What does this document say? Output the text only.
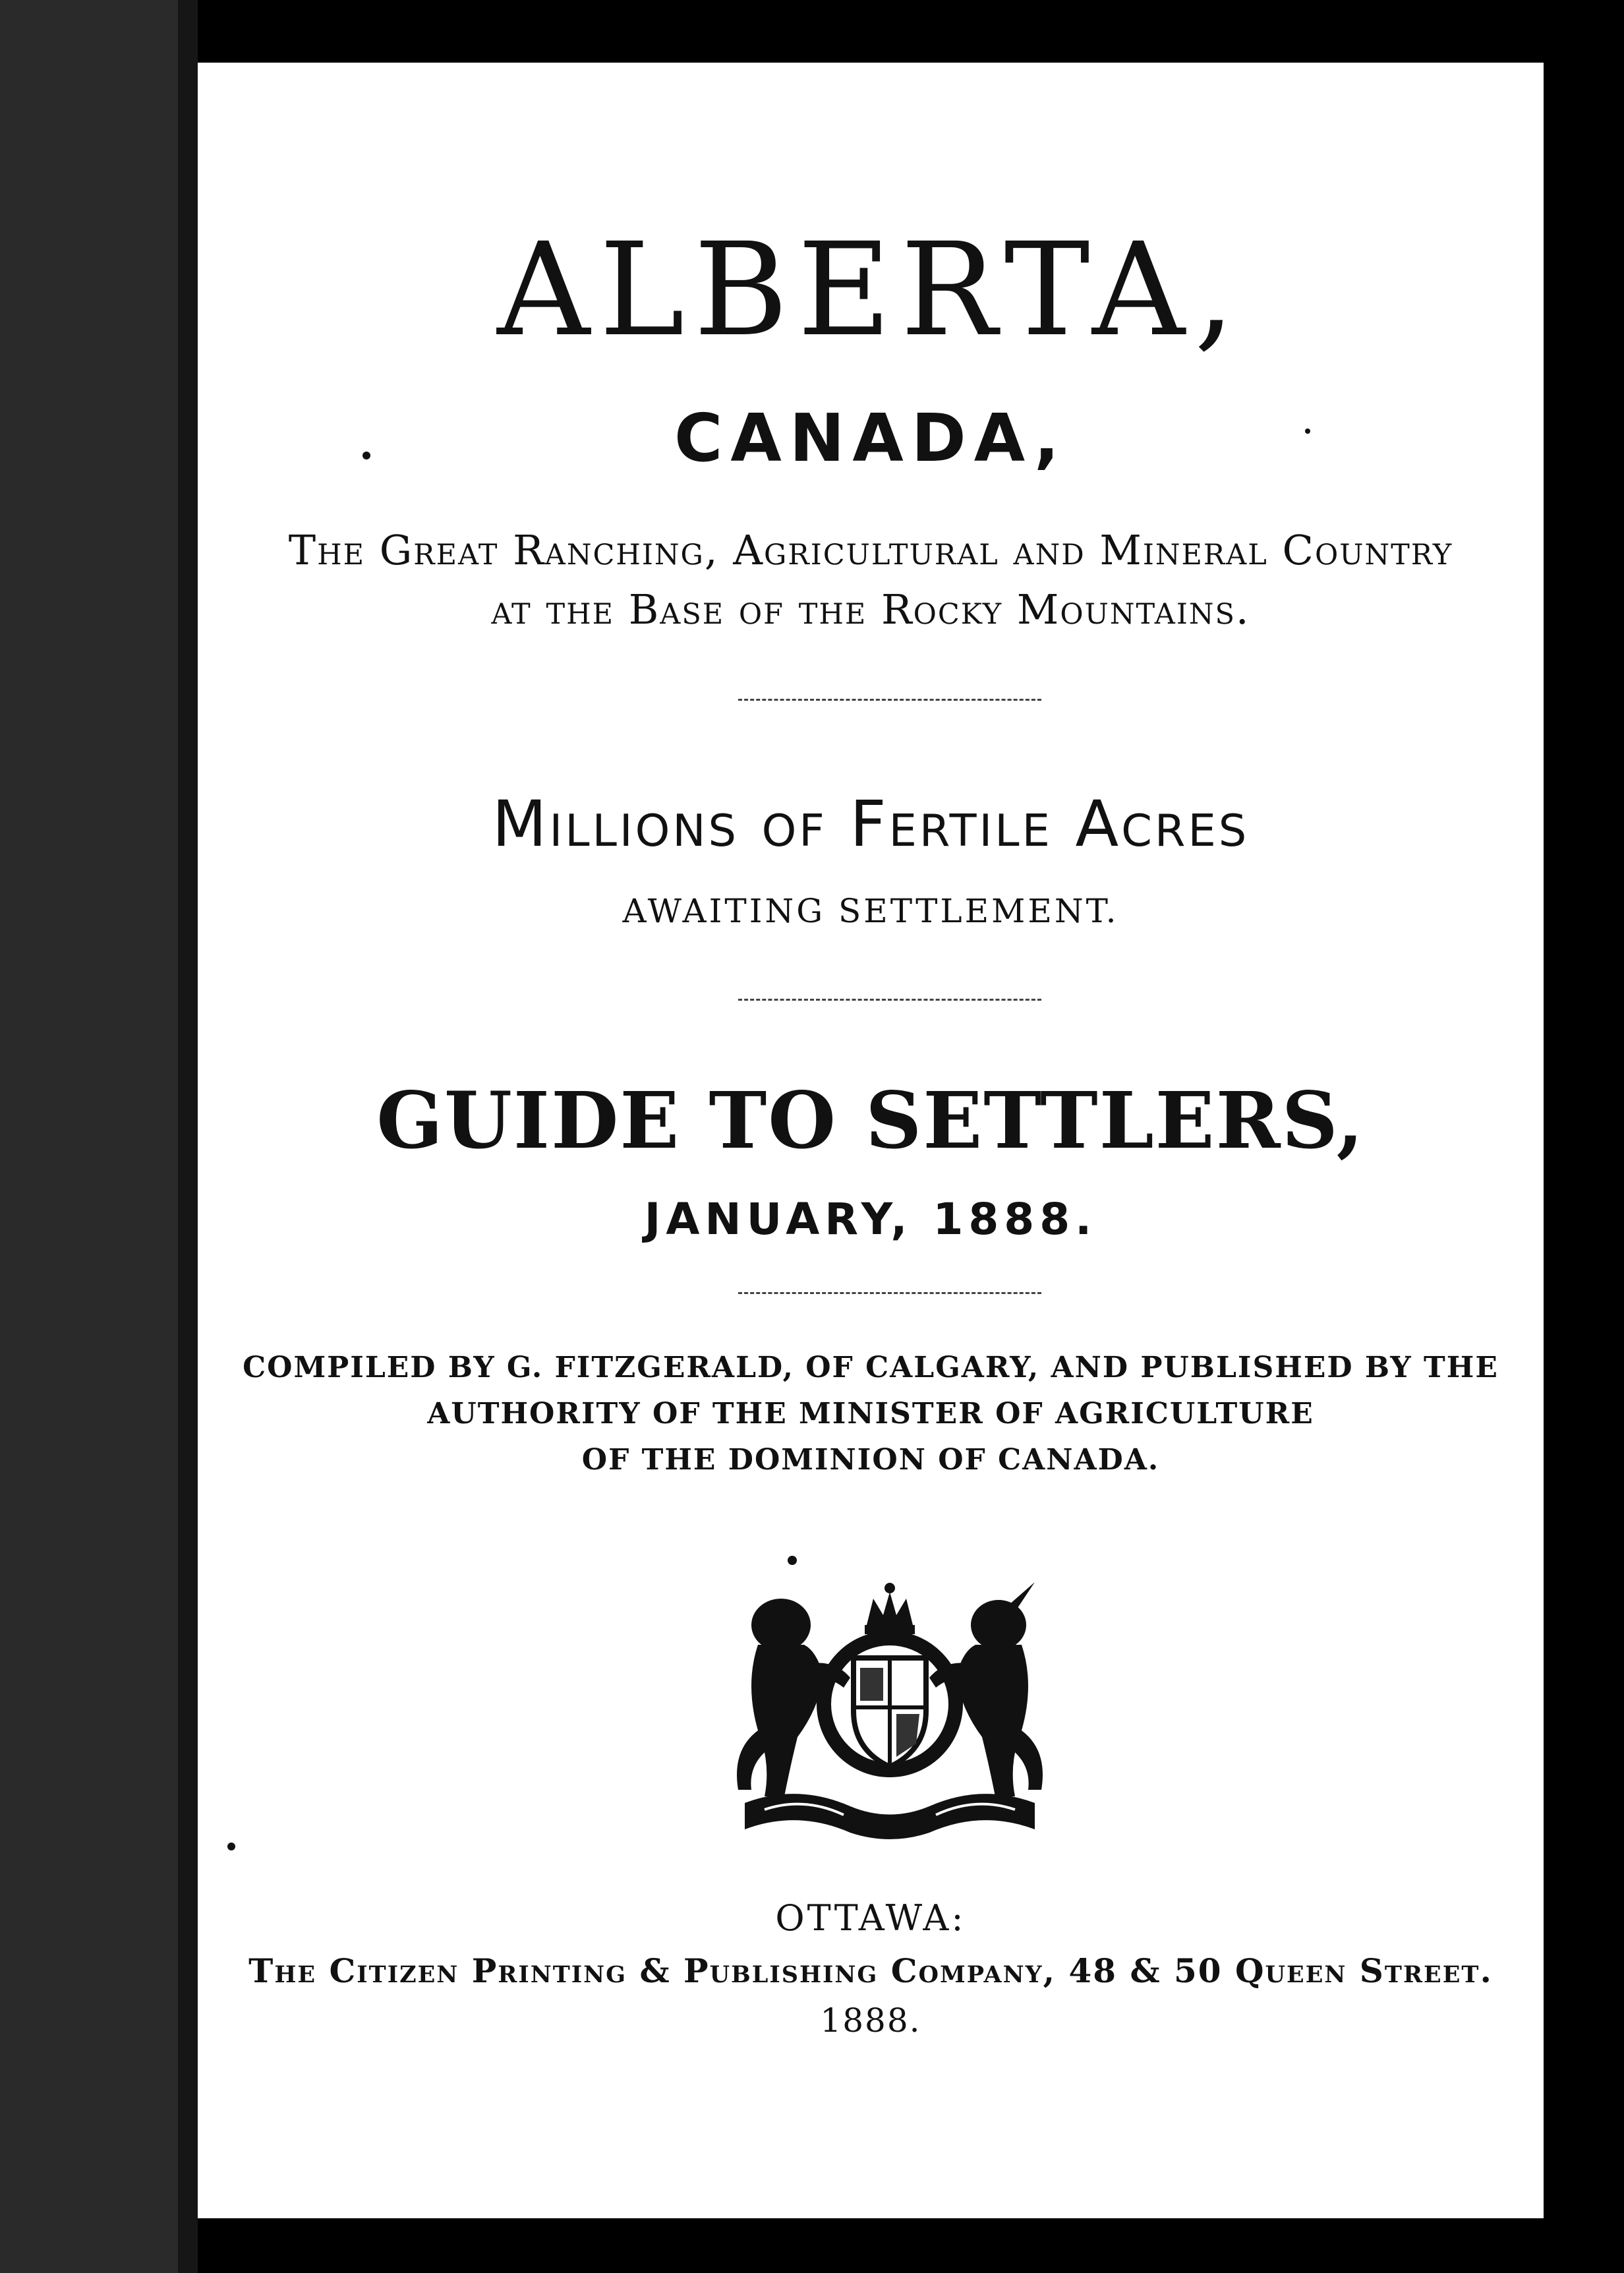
ALBERTA,
CANADA,
The Great Ranching, Agricultural and Mineral Country
at the Base of the Rocky Mountains.
Millions of Fertile Acres
AWAITING SETTLEMENT.
GUIDE TO SETTLERS,
JANUARY, 1888.
COMPILED BY G. FITZGERALD, OF CALGARY, AND PUBLISHED BY THE
AUTHORITY OF THE MINISTER OF AGRICULTURE
OF THE DOMINION OF CANADA.
OTTAWA:
The Citizen Printing & Publishing Company, 48 & 50 Queen Street.
1888.
